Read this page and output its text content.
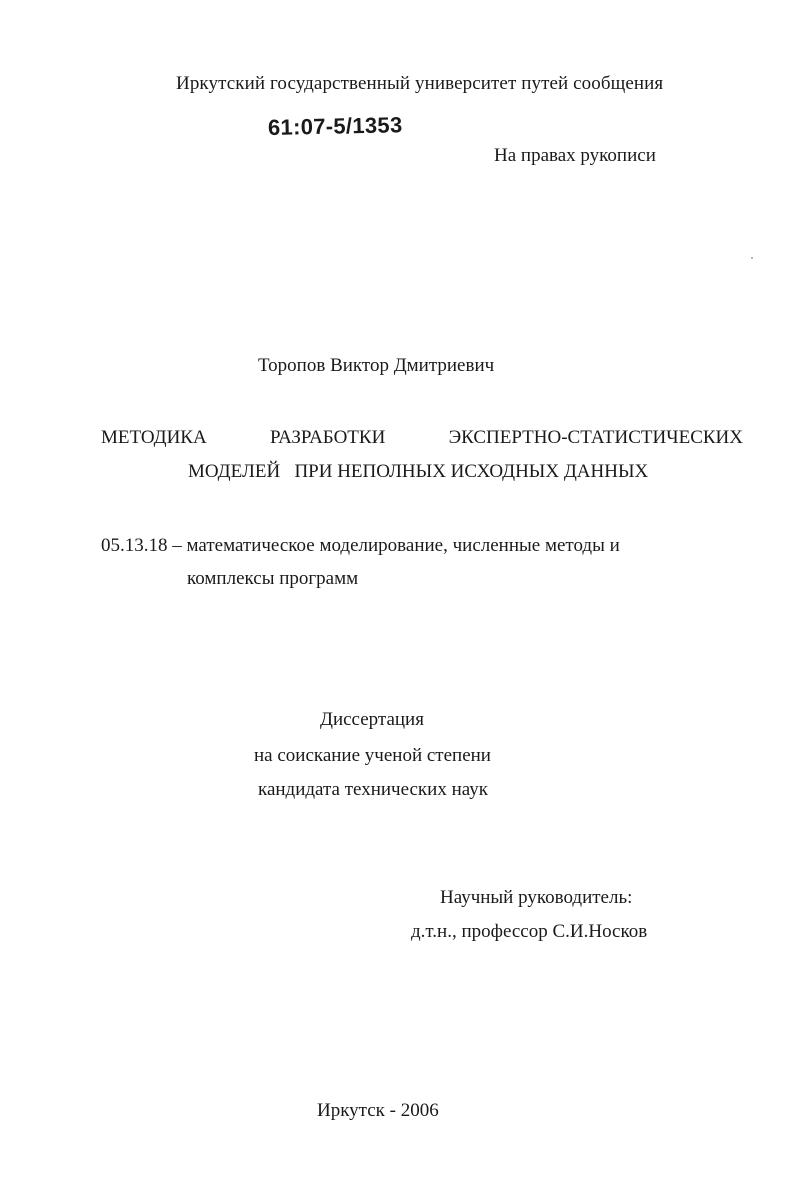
Иркутский государственный университет путей сообщения
61:07-5/1353
На правах рукописи
Торопов Виктор Дмитриевич
МЕТОДИКА	РАЗРАБОТКИ	ЭКСПЕРТНО-СТАТИСТИЧЕСКИХ
МОДЕЛЕЙ   ПРИ НЕПОЛНЫХ ИСХОДНЫХ ДАННЫХ
05.13.18 – математическое моделирование, численные методы и
комплексы программ
Диссертация
на соискание ученой степени
кандидата технических наук
Научный руководитель:
д.т.н., профессор С.И.Носков
Иркутск - 2006
